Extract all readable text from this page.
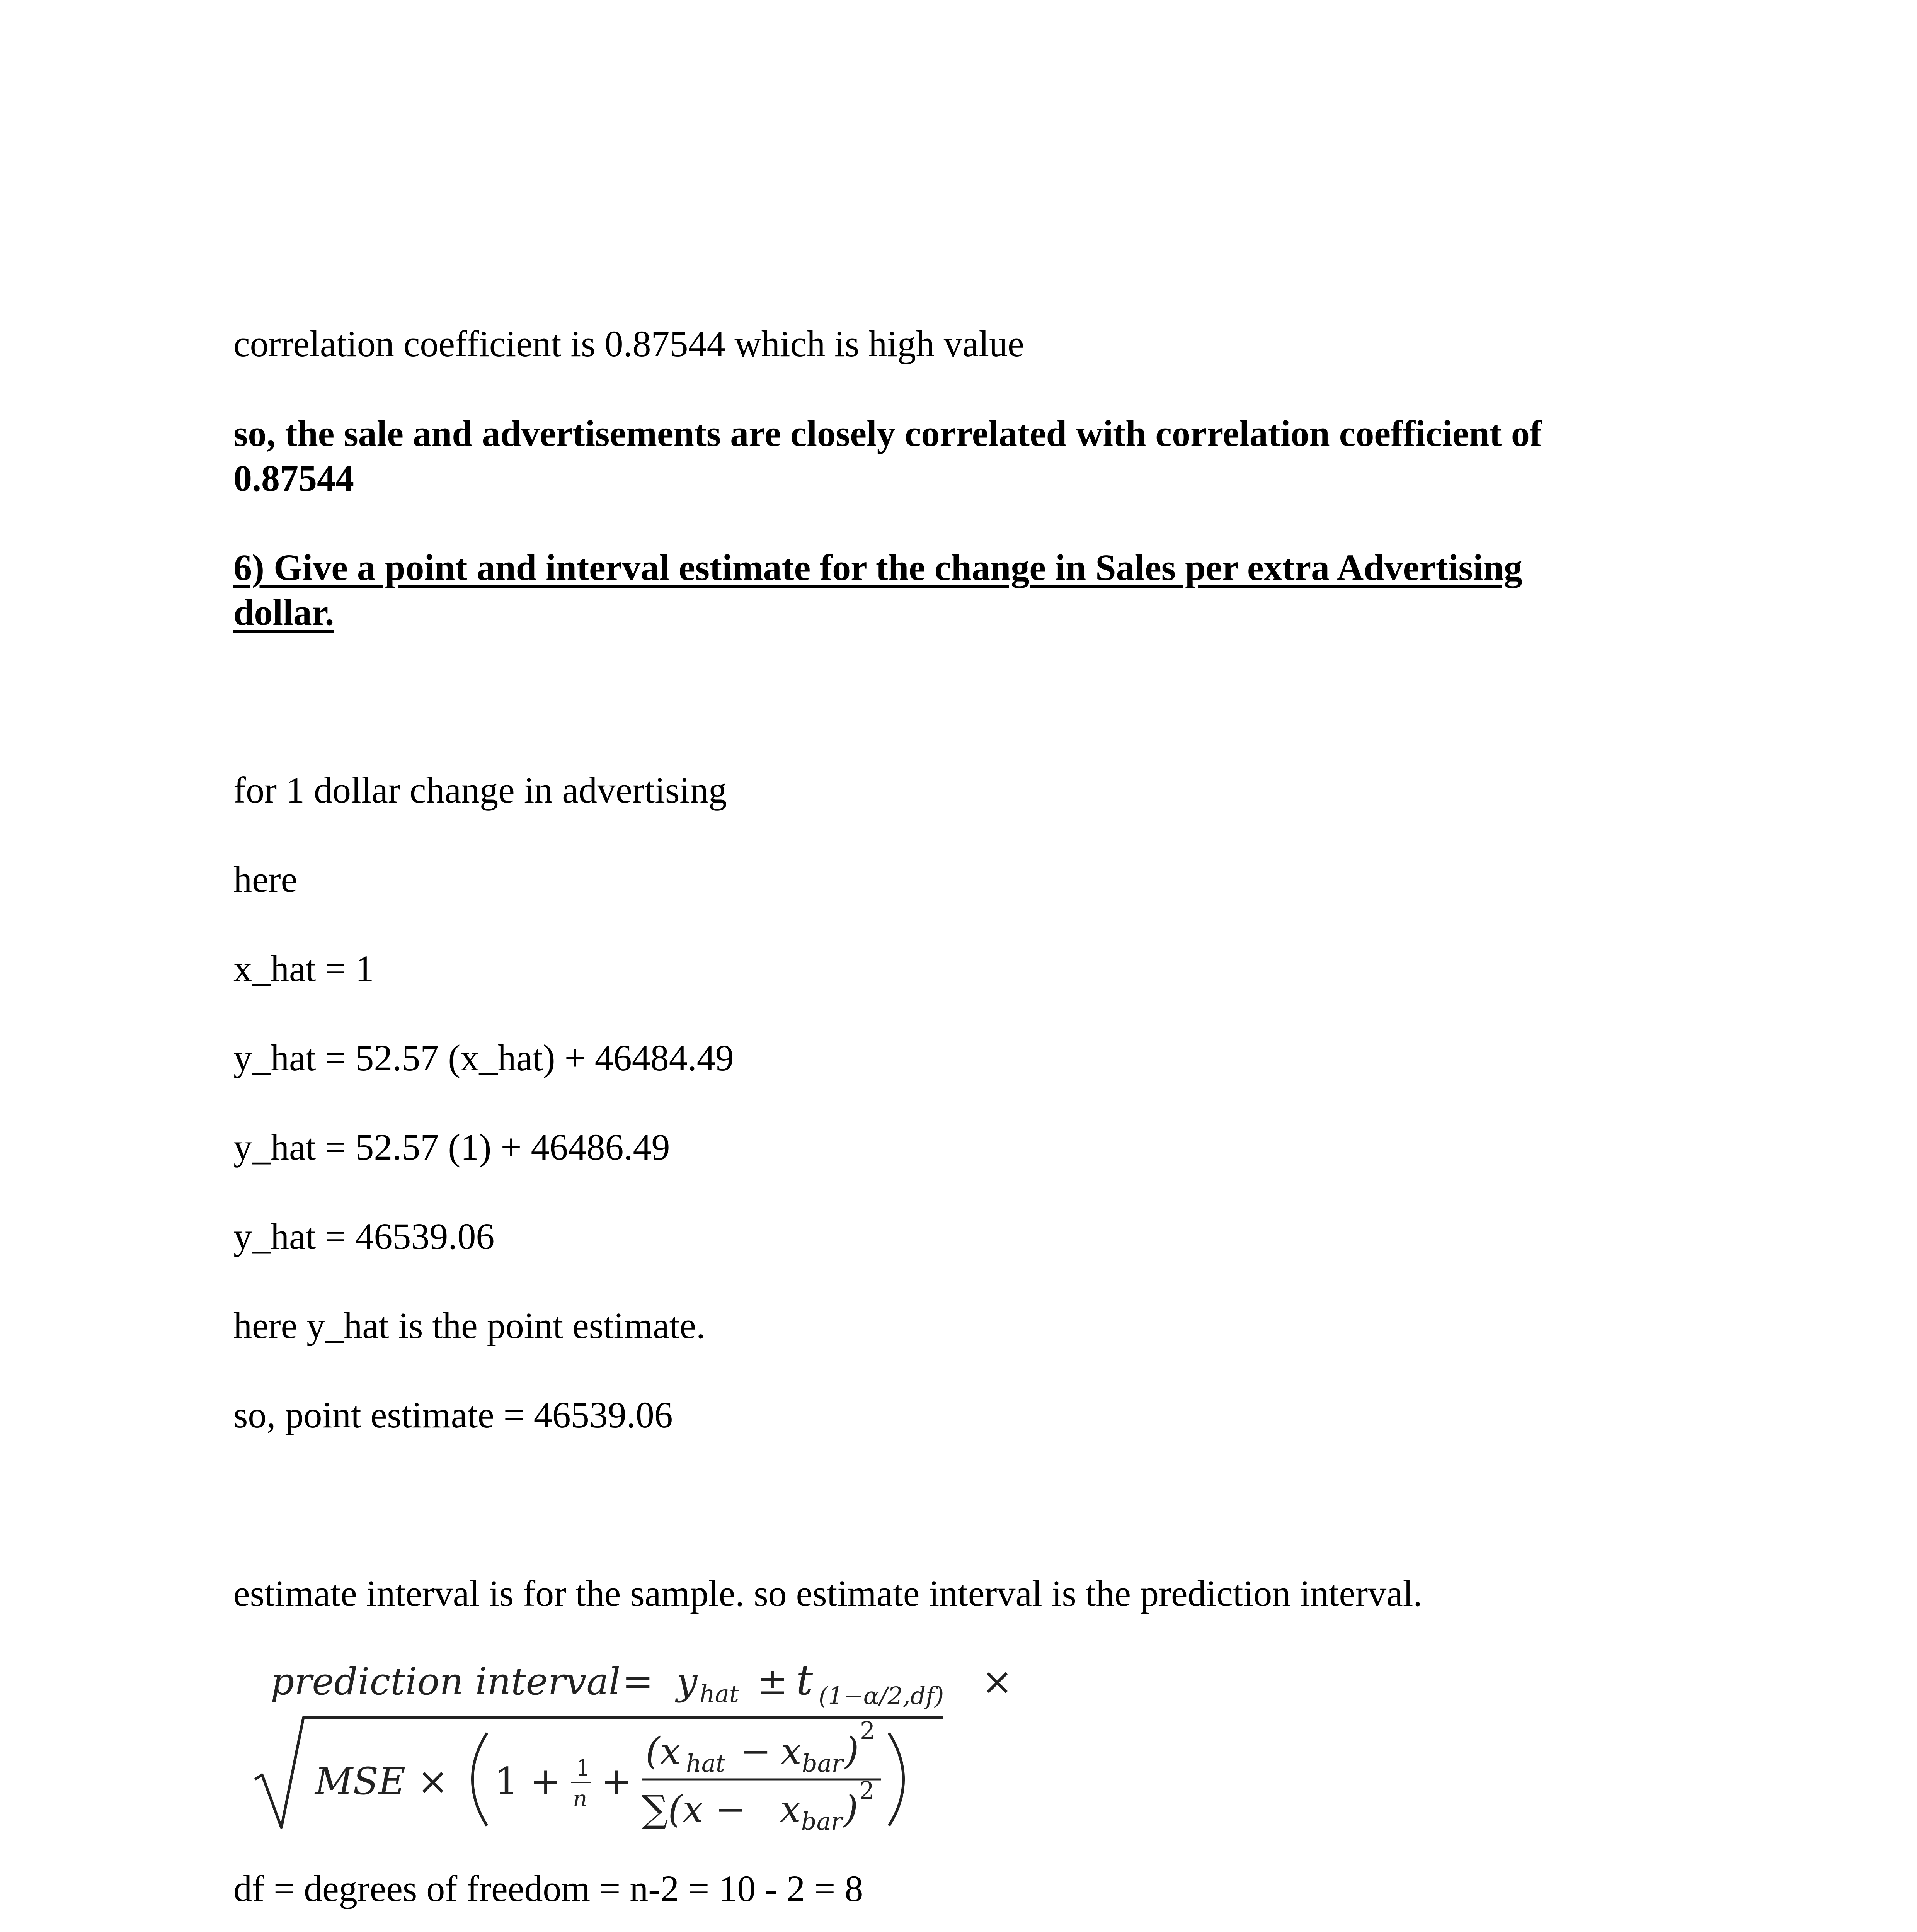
correlation coefficient is 0.87544 which is high value

so, the sale and advertisements are closely correlated with correlation coefficient of

0.87544

6) Give a point and interval estimate for the change in Sales per extra Advertising

dollar.

for 1 dollar change in advertising

here

x_hat = 1

y_hat = 52.57 (x_hat) + 46484.49

y_hat = 52.57 (1) + 46486.49

y_hat = 46539.06

here y_hat is the point estimate.

so, point estimate = 46539.06

estimate interval is for the sample. so estimate interval is the prediction interval.

prediction interval = y hat ± t (1−α/2,df) ×
MSE × 1 + 1
n +
(x hat − x bar ) 2
∑(x − x bar ) 2

df = degrees of freedom = n-2 = 10 - 2 = 8
